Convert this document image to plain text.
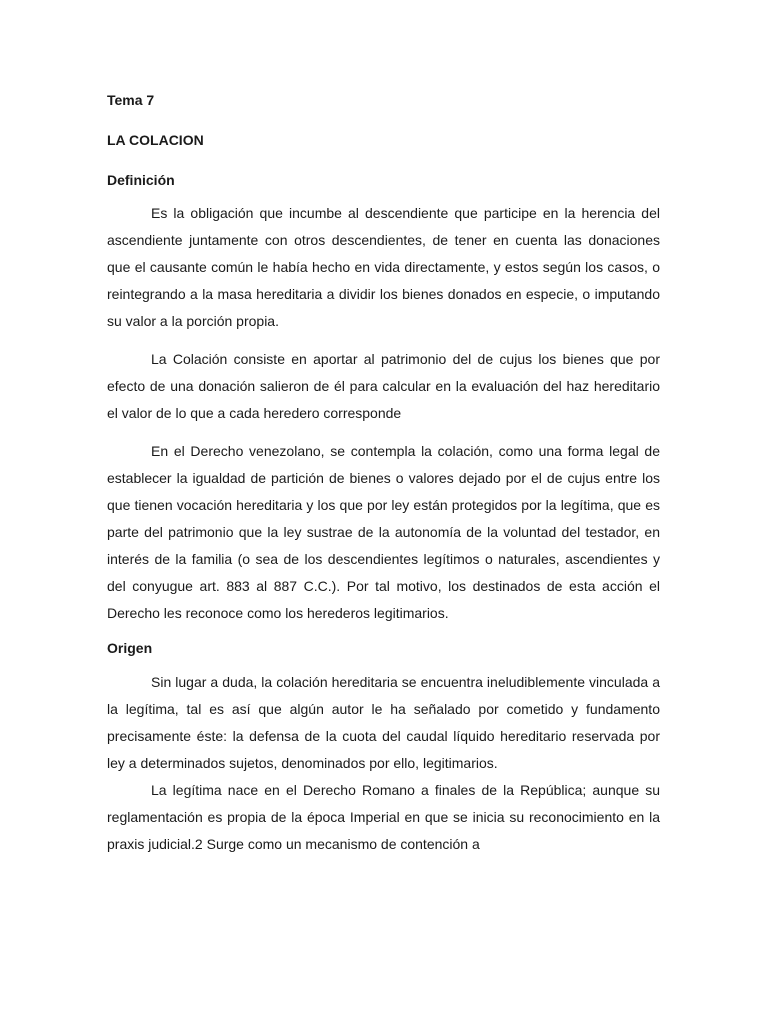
Tema 7

LA COLACION

Definición

Es la obligación que incumbe al descendiente que participe en la herencia del ascendiente juntamente con otros descendientes, de tener en cuenta las donaciones que el causante común le había hecho en vida directamente, y estos según los casos, o reintegrando a la masa hereditaria a dividir los bienes donados en especie, o imputando su valor a la porción propia.

La Colación consiste en aportar al patrimonio del de cujus los bienes que por efecto de una donación salieron de él para calcular en la evaluación del haz hereditario el valor de lo que a cada heredero corresponde

En el Derecho venezolano, se contempla la colación, como una forma legal de establecer la igualdad de partición de bienes o valores dejado por el de cujus entre los que tienen vocación hereditaria y los que por ley están protegidos por la legítima, que es parte del patrimonio que la ley sustrae de la autonomía de la voluntad del testador, en interés de la familia (o sea de los descendientes legítimos o naturales, ascendientes y del conyugue art. 883 al 887 C.C.). Por tal motivo, los destinados de esta acción el Derecho les reconoce como los herederos legitimarios.

Origen

Sin lugar a duda, la colación hereditaria se encuentra ineludiblemente vinculada a la legítima, tal es así que algún autor le ha señalado por cometido y fundamento precisamente éste: la defensa de la cuota del caudal líquido hereditario reservada por ley a determinados sujetos, denominados por ello, legitimarios.

La legítima nace en el Derecho Romano a finales de la República; aunque su reglamentación es propia de la época Imperial en que se inicia su reconocimiento en la praxis judicial.2 Surge como un mecanismo de contención a
